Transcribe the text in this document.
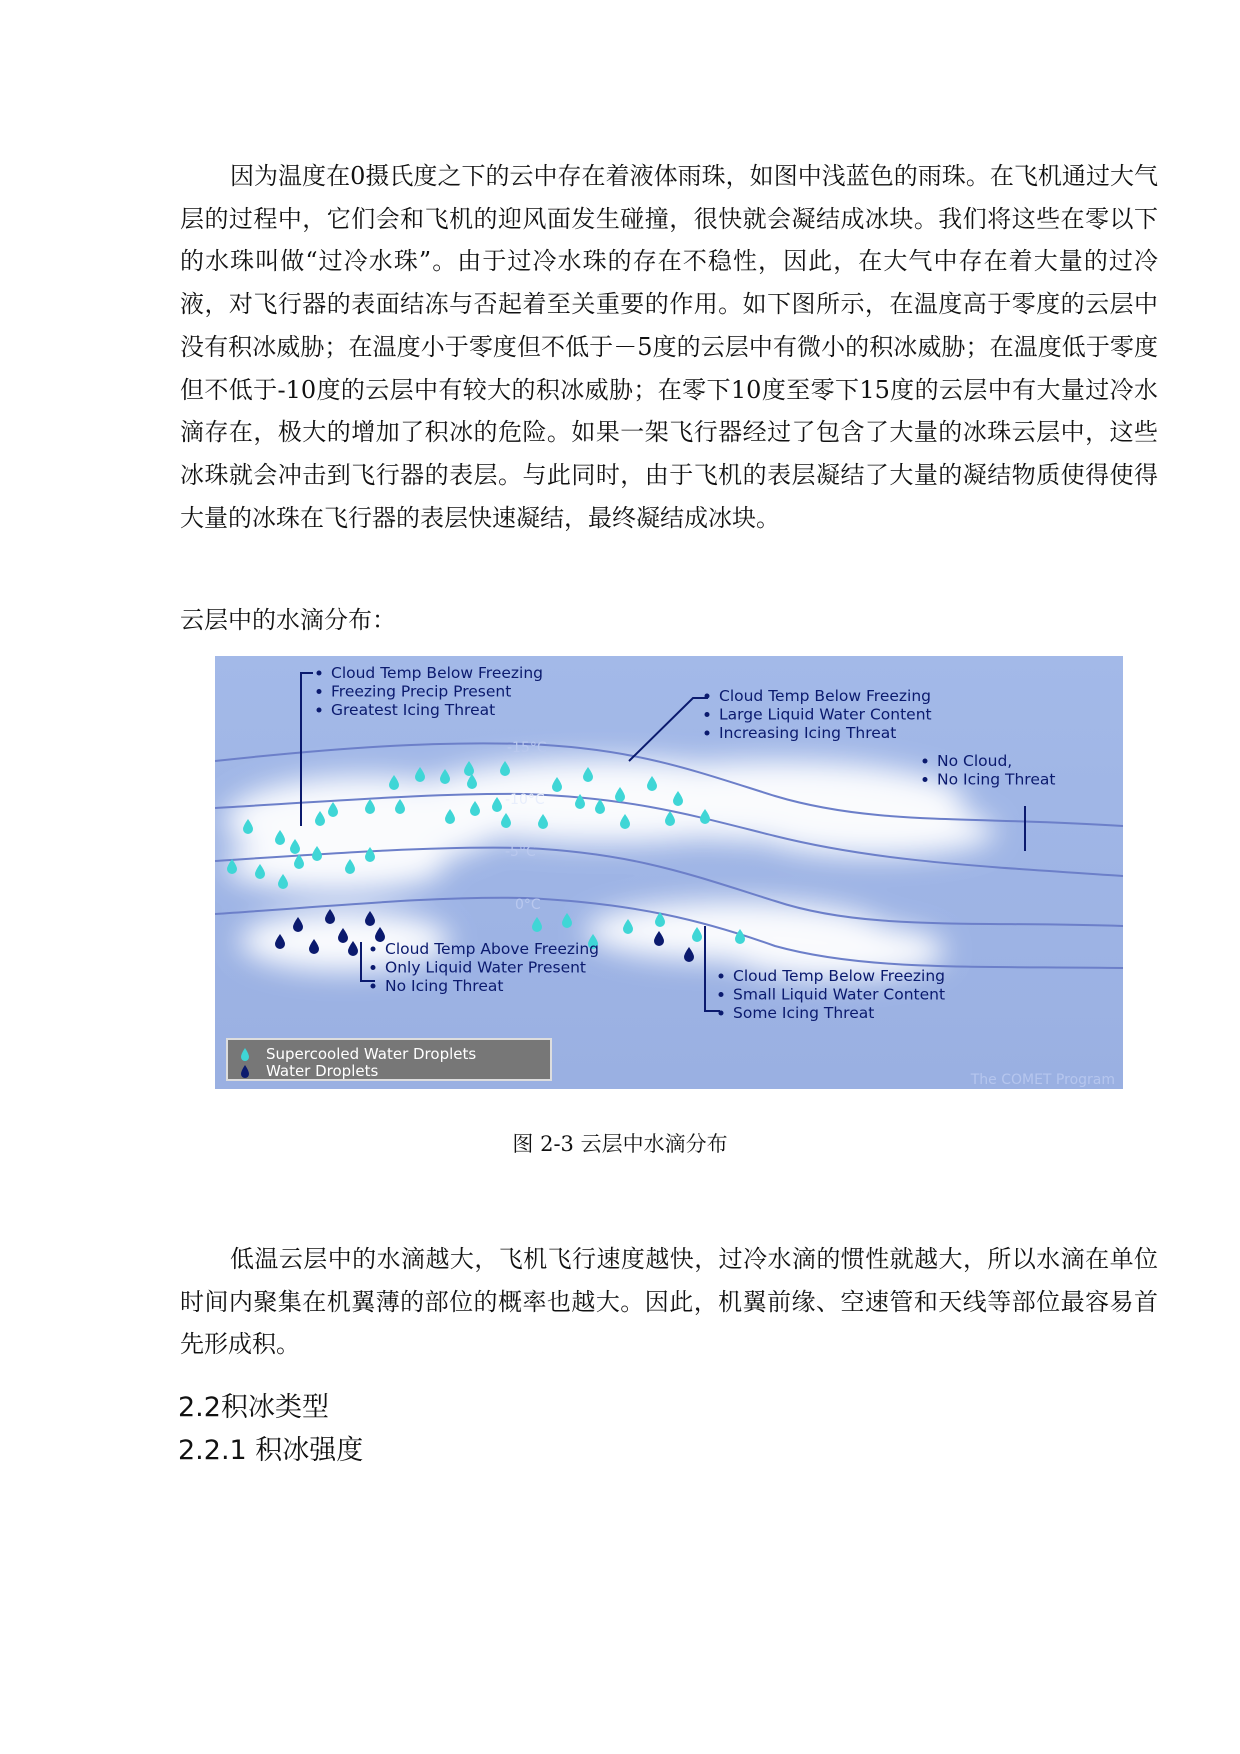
因为温度在0摄氏度之下的云中存在着液体雨珠，如图中浅蓝色的雨珠。在飞机通过大气层的过程中，它们会和飞机的迎风面发生碰撞，很快就会凝结成冰块。我们将这些在零以下的水珠叫做“过冷水珠”。由于过冷水珠的存在不稳性，因此，在大气中存在着大量的过冷液，对飞行器的表面结冻与否起着至关重要的作用。如下图所示，在温度高于零度的云层中没有积冰威胁；在温度小于零度但不低于－5度的云层中有微小的积冰威胁；在温度低于零度但不低于-10度的云层中有较大的积冰威胁；在零下10度至零下15度的云层中有大量过冷水滴存在，极大的增加了积冰的危险。如果一架飞行器经过了包含了大量的冰珠云层中，这些冰珠就会冲击到飞行器的表层。与此同时，由于飞机的表层凝结了大量的凝结物质使得使得大量的冰珠在飞行器的表层快速凝结，最终凝结成冰块。

云层中的水滴分布：
-15°C
-10°C
-5°C
0°C
Cloud Temp Below Freezing
Freezing Precip Present
Greatest Icing Threat
Cloud Temp Below Freezing
Large Liquid Water Content
Increasing Icing Threat
No Cloud,
No Icing Threat
Cloud Temp Above Freezing
Only Liquid Water Present
No Icing Threat
Cloud Temp Below Freezing
Small Liquid Water Content
Some Icing Threat
Supercooled Water Droplets
Water Droplets	The COMET Program
图 2-3 云层中水滴分布

低温云层中的水滴越大，飞机飞行速度越快，过冷水滴的惯性就越大，所以水滴在单位时间内聚集在机翼薄的部位的概率也越大。因此，机翼前缘、空速管和天线等部位最容易首先形成积。

2.2积冰类型
2.2.1 积冰强度
